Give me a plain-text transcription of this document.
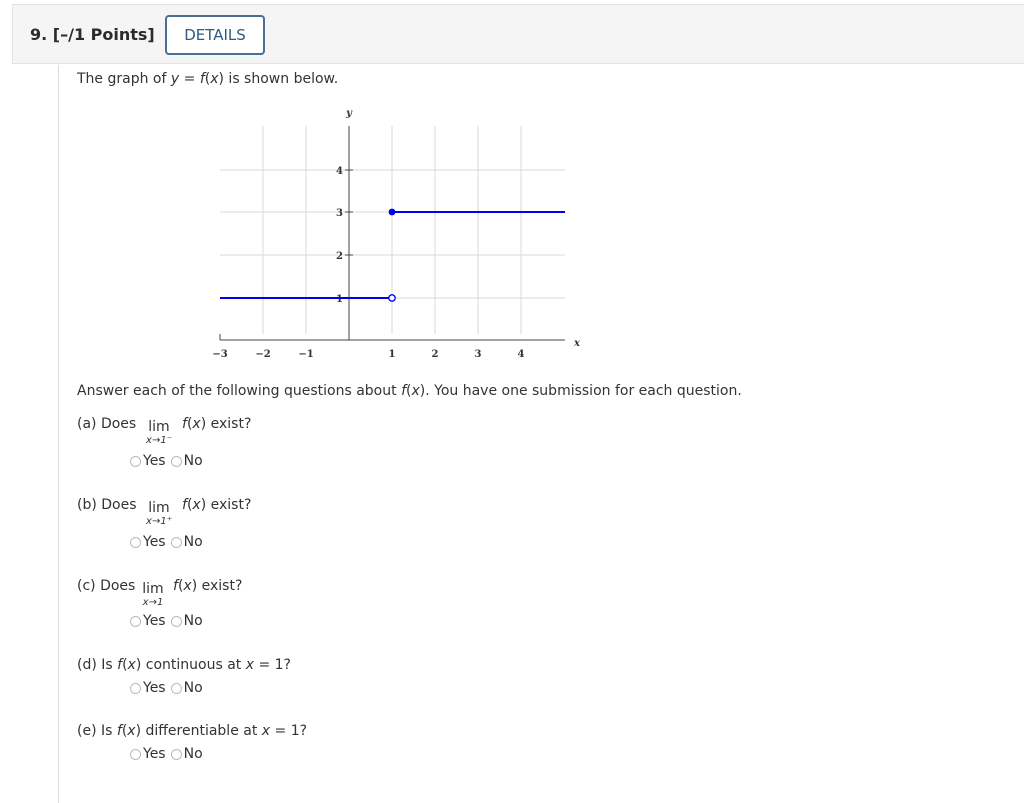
9. [–/1 Points]	DETAILS
The graph of y = f(x) is shown below.
y
x
−3	−2	−1	1	2	3	4
1
2
3
4
Answer each of the following questions about f(x). You have one submission for each question.
(a) Does lim
x→1⁻
f(x) exist?
Yes No
(b) Does lim
x→1⁺
f(x) exist?
Yes No
(c) Does lim
x→1
f(x) exist?
Yes No
(d) Is f(x) continuous at x = 1?
Yes No
(e) Is f(x) differentiable at x = 1?
Yes No
